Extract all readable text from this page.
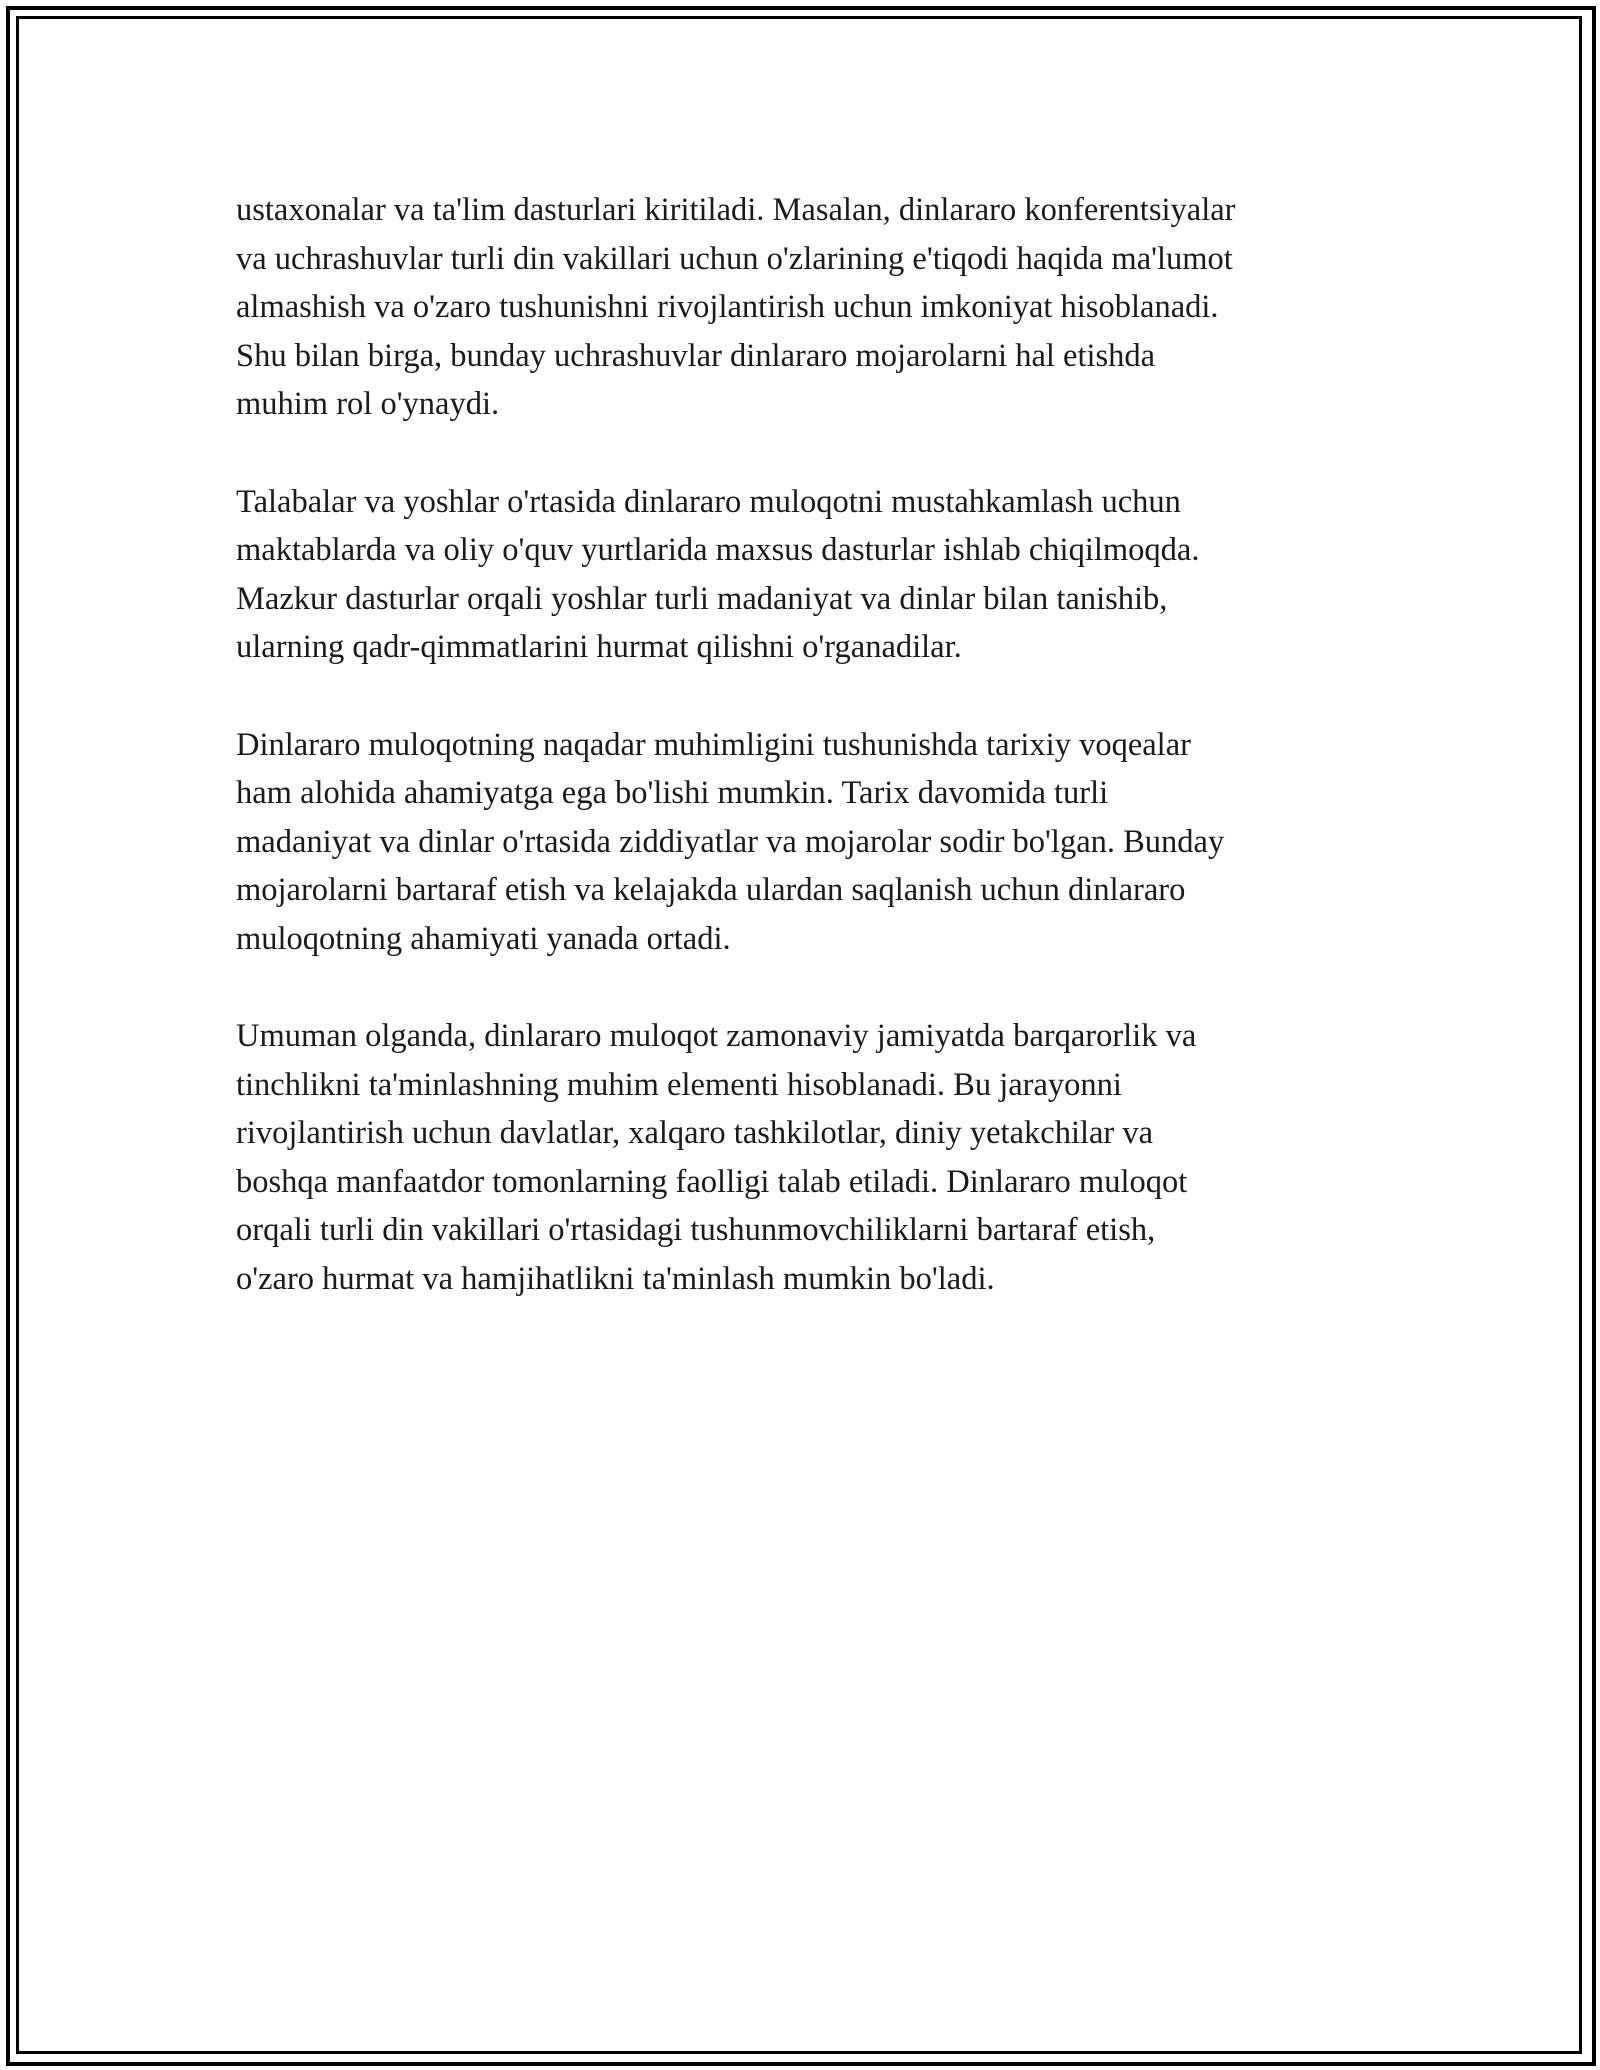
ustaxonalar va ta'lim dasturlari kiritiladi. Masalan, dinlararo konferentsiyalar
va uchrashuvlar turli din vakillari uchun o'zlarining e'tiqodi haqida ma'lumot
almashish va o'zaro tushunishni rivojlantirish uchun imkoniyat hisoblanadi.
Shu bilan birga, bunday uchrashuvlar dinlararo mojarolarni hal etishda
muhim rol o'ynaydi.

Talabalar va yoshlar o'rtasida dinlararo muloqotni mustahkamlash uchun
maktablarda va oliy o'quv yurtlarida maxsus dasturlar ishlab chiqilmoqda.
Mazkur dasturlar orqali yoshlar turli madaniyat va dinlar bilan tanishib,
ularning qadr-qimmatlarini hurmat qilishni o'rganadilar.

Dinlararo muloqotning naqadar muhimligini tushunishda tarixiy voqealar
ham alohida ahamiyatga ega bo'lishi mumkin. Tarix davomida turli
madaniyat va dinlar o'rtasida ziddiyatlar va mojarolar sodir bo'lgan. Bunday
mojarolarni bartaraf etish va kelajakda ulardan saqlanish uchun dinlararo
muloqotning ahamiyati yanada ortadi.

Umuman olganda, dinlararo muloqot zamonaviy jamiyatda barqarorlik va
tinchlikni ta'minlashning muhim elementi hisoblanadi. Bu jarayonni
rivojlantirish uchun davlatlar, xalqaro tashkilotlar, diniy yetakchilar va
boshqa manfaatdor tomonlarning faolligi talab etiladi. Dinlararo muloqot
orqali turli din vakillari o'rtasidagi tushunmovchiliklarni bartaraf etish,
o'zaro hurmat va hamjihatlikni ta'minlash mumkin bo'ladi.
